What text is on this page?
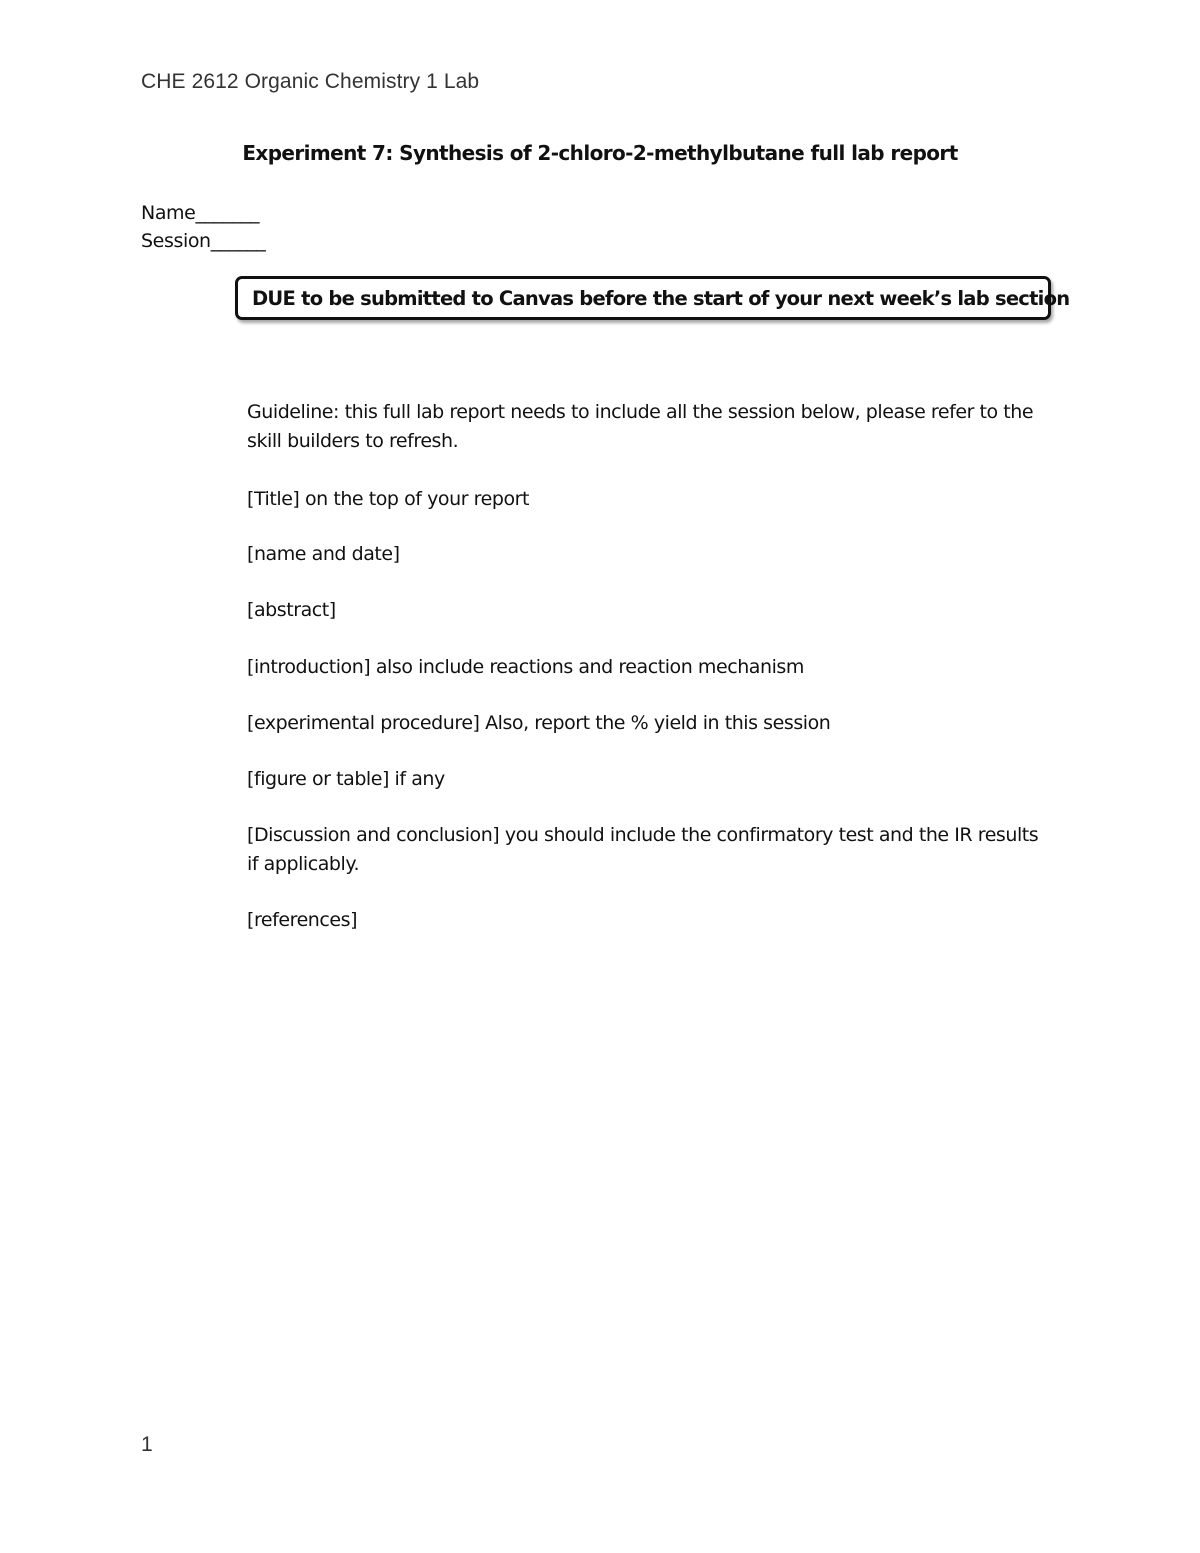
CHE 2612 Organic Chemistry 1 Lab
Experiment 7: Synthesis of 2-chloro-2-methylbutane full lab report
Name_______
Session______
DUE to be submitted to Canvas before the start of your next week’s lab section
Guideline: this full lab report needs to include all the session below, please refer to the skill builders to refresh.
[Title] on the top of your report
[name and date]
[abstract]
[introduction] also include reactions and reaction mechanism
[experimental procedure] Also, report the % yield in this session
[figure or table] if any
[Discussion and conclusion] you should include the confirmatory test and the IR results if applicably.
[references]
1
